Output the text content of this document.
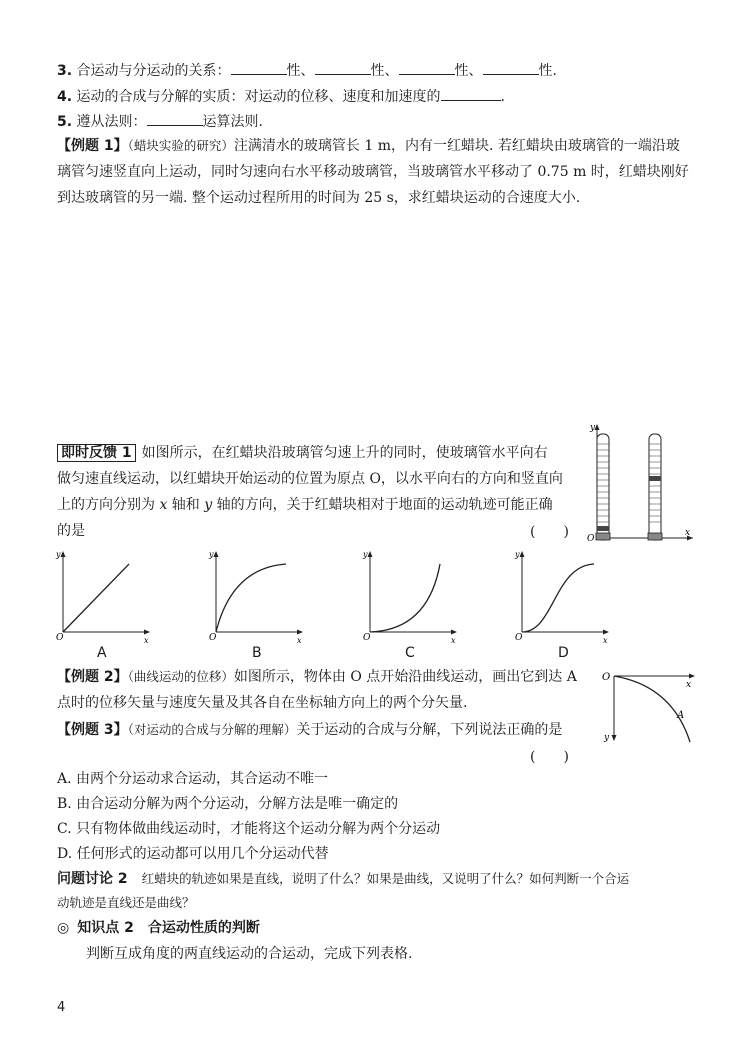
3. 合运动与分运动的关系：	性、	性、	性、	性.
4. 运动的合成与分解的实质：对运动的位移、速度和加速度的	.
5. 遵从法则：	运算法则.
【例题 1】（蜡块实验的研究）注满清水的玻璃管长 1 m，内有一红蜡块. 若红蜡块由玻璃管的一端沿玻
璃管匀速竖直向上运动，同时匀速向右水平移动玻璃管，当玻璃管水平移动了 0.75 m 时，红蜡块刚好
到达玻璃管的另一端. 整个运动过程所用的时间为 25 s，求红蜡块运动的合速度大小.
即时反馈 1 如图所示，在红蜡块沿玻璃管匀速上升的同时，使玻璃管水平向右
做匀速直线运动，以红蜡块开始运动的位置为原点 O，以水平向右的方向和竖直向
上的方向分别为 x 轴和 y 轴的方向，关于红蜡块相对于地面的运动轨迹可能正确
的是	(　　)
y
x
O
y
x
O
y
x
O
y
x
O
y
x
O
A	B	C	D
【例题 2】（曲线运动的位移）如图所示，物体由 O 点开始沿曲线运动，画出它到达 A
点时的位移矢量与速度矢量及其各自在坐标轴方向上的两个分矢量.
O
x
y
A
【例题 3】（对运动的合成与分解的理解）关于运动的合成与分解，下列说法正确的是
(　　)
A. 由两个分运动求合运动，其合运动不唯一
B. 由合运动分解为两个分运动，分解方法是唯一确定的
C. 只有物体做曲线运动时，才能将这个运动分解为两个分运动
D. 任何形式的运动都可以用几个分运动代替
问题讨论 2　 红蜡块的轨迹如果是直线，说明了什么？如果是曲线，又说明了什么？如何判断一个合运
动轨迹是直线还是曲线？
◎ 知识点 2　合运动性质的判断
判断互成角度的两直线运动的合运动，完成下列表格.
4
